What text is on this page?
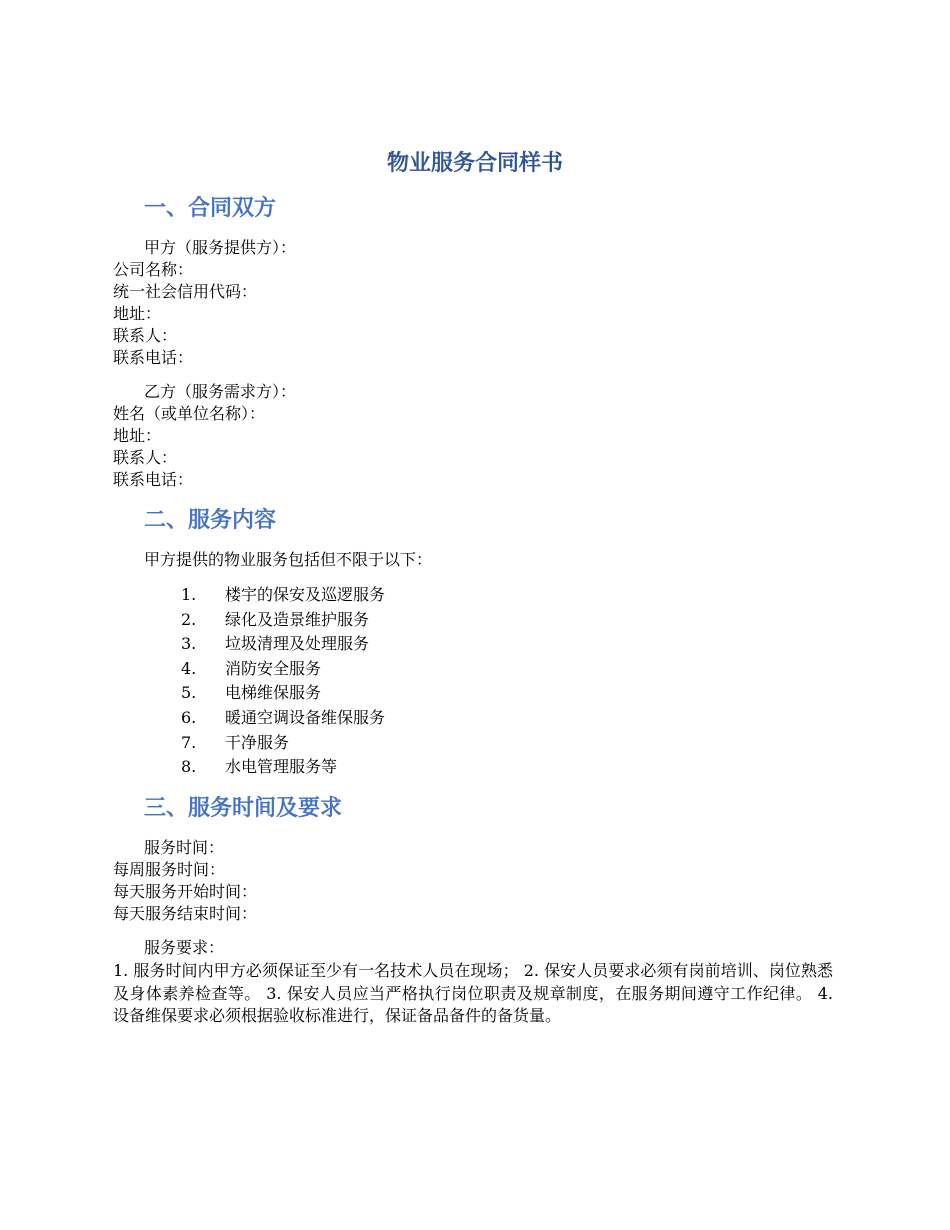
物业服务合同样书
一、合同双方
甲方（服务提供方）：
公司名称：
统一社会信用代码：
地址：
联系人：
联系电话：
乙方（服务需求方）：
姓名（或单位名称）：
地址：
联系人：
联系电话：
二、服务内容
甲方提供的物业服务包括但不限于以下：
1. 楼宇的保安及巡逻服务
2. 绿化及造景维护服务
3. 垃圾清理及处理服务
4. 消防安全服务
5. 电梯维保服务
6. 暖通空调设备维保服务
7. 干净服务
8. 水电管理服务等
三、服务时间及要求
服务时间：
每周服务时间：
每天服务开始时间：
每天服务结束时间：
服务要求：

1. 服务时间内甲方必须保证至少有一名技术人员在现场； 2. 保安人员要求必须有岗前培训、岗位熟悉及身体素养检查等。 3. 保安人员应当严格执行岗位职责及规章制度，在服务期间遵守工作纪律。 4. 设备维保要求必须根据验收标准进行，保证备品备件的备货量。
